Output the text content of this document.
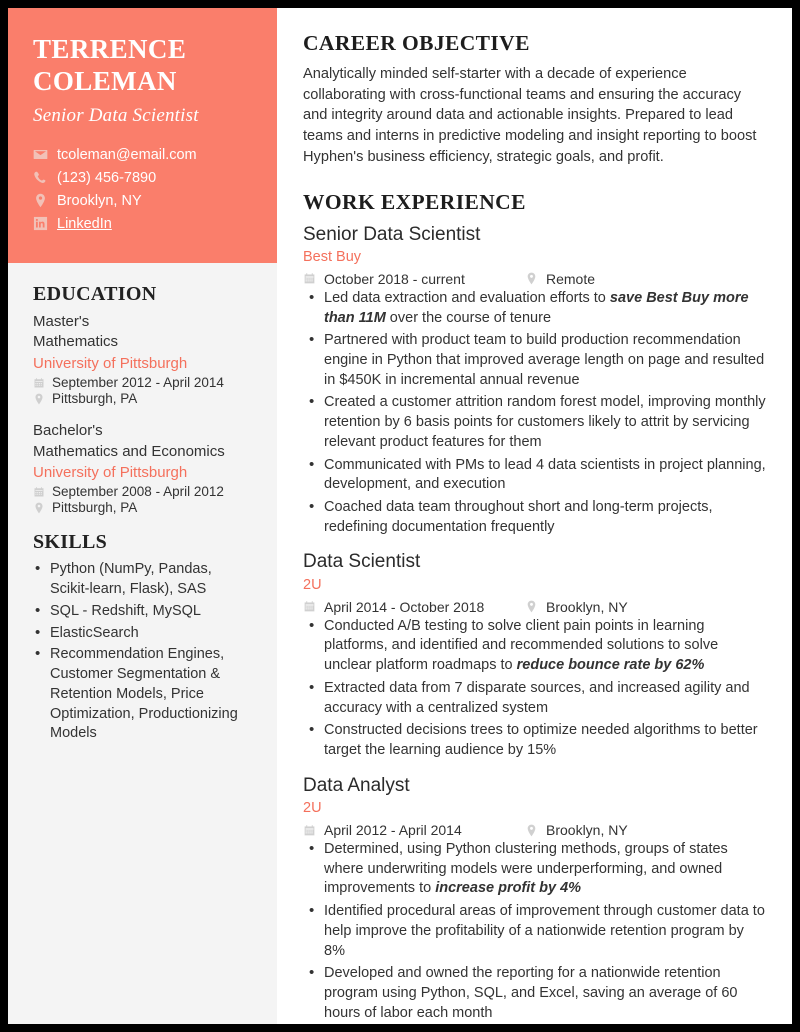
TERRENCE
COLEMAN
Senior Data Scientist
tcoleman@email.com
(123) 456-7890
Brooklyn, NY
LinkedIn
EDUCATION
Master's
Mathematics
University of Pittsburgh
September 2012 - April 2014
Pittsburgh, PA
Bachelor's
Mathematics and Economics
University of Pittsburgh
September 2008 - April 2012
Pittsburgh, PA
SKILLS
• Python (NumPy, Pandas, Scikit-learn, Flask), SAS
• SQL - Redshift, MySQL
• ElasticSearch
• Recommendation Engines, Customer Segmentation & Retention Models, Price Optimization, Productionizing Models
CAREER OBJECTIVE

Analytically minded self-starter with a decade of experience collaborating with cross-functional teams and ensuring the accuracy and integrity around data and actionable insights. Prepared to lead teams and interns in predictive modeling and insight reporting to boost Hyphen's business efficiency, strategic goals, and profit.

WORK EXPERIENCE
Senior Data Scientist
Best Buy
October 2018 - current	Remote
• Led data extraction and evaluation efforts to save Best Buy more than 11M over the course of tenure
• Partnered with product team to build production recommendation engine in Python that improved average length on page and resulted in $450K in incremental annual revenue
• Created a customer attrition random forest model, improving monthly retention by 6 basis points for customers likely to attrit by servicing relevant product features for them
• Communicated with PMs to lead 4 data scientists in project planning, development, and execution
• Coached data team throughout short and long-term projects, redefining documentation frequently
Data Scientist
2U
April 2014 - October 2018	Brooklyn, NY
• Conducted A/B testing to solve client pain points in learning platforms, and identified and recommended solutions to solve unclear platform roadmaps to reduce bounce rate by 62%
• Extracted data from 7 disparate sources, and increased agility and accuracy with a centralized system
• Constructed decisions trees to optimize needed algorithms to better target the learning audience by 15%
Data Analyst
2U
April 2012 - April 2014	Brooklyn, NY
• Determined, using Python clustering methods, groups of states where underwriting models were underperforming, and owned improvements to increase profit by 4%
• Identified procedural areas of improvement through customer data to help improve the profitability of a nationwide retention program by 8%
• Developed and owned the reporting for a nationwide retention program using Python, SQL, and Excel, saving an average of 60 hours of labor each month
